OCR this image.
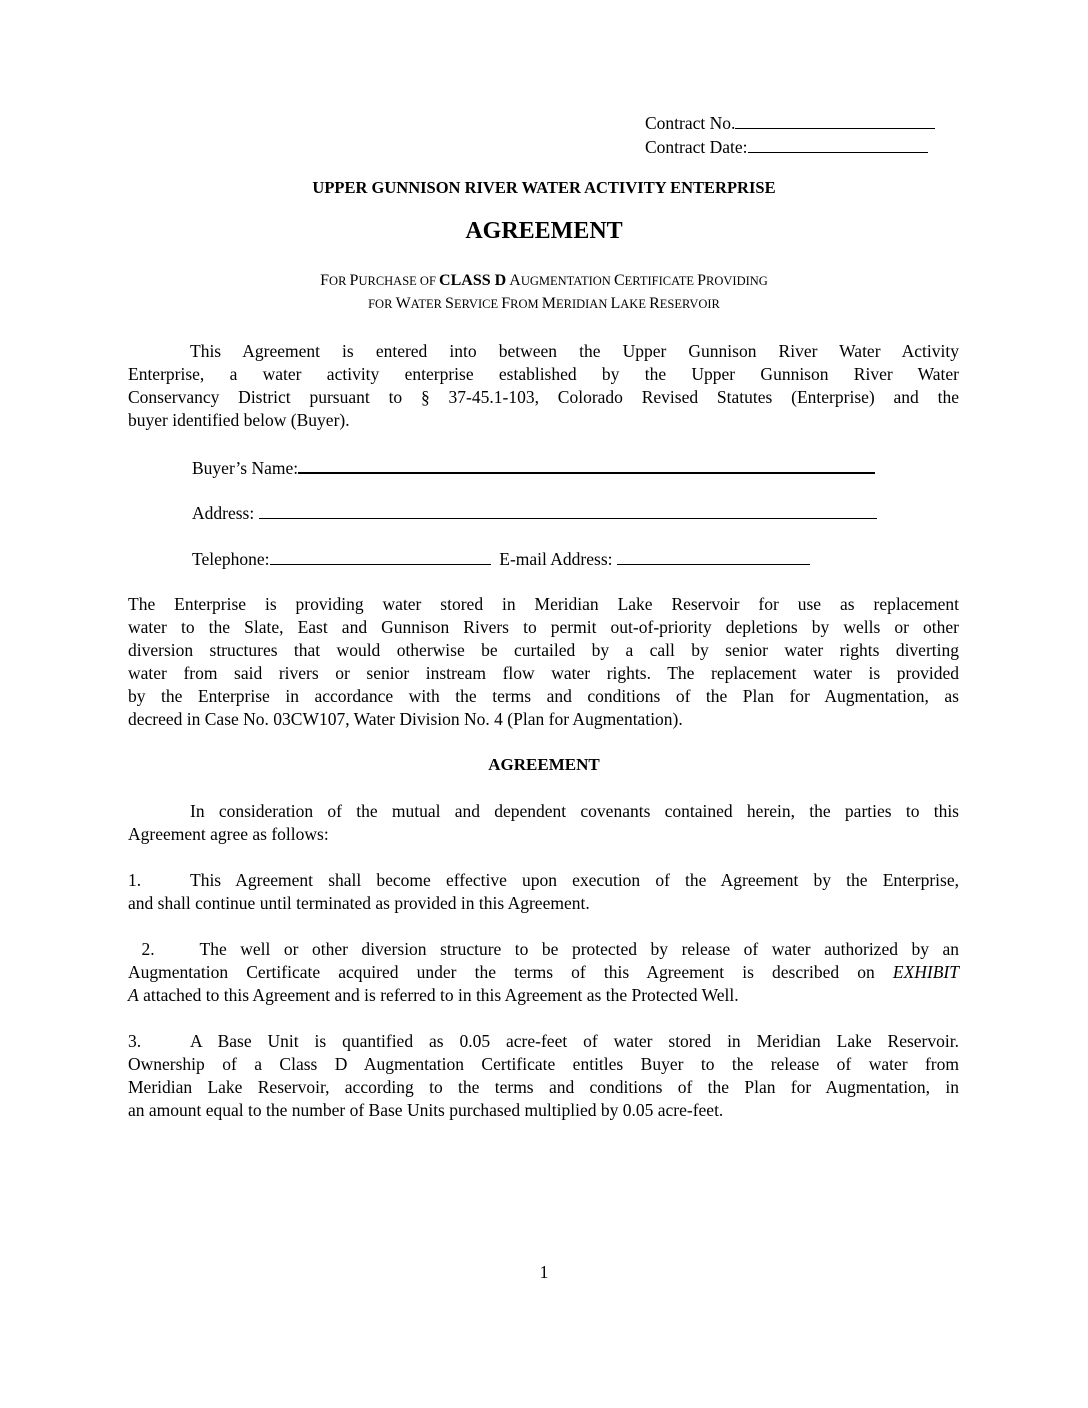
Contract No.
Contract Date:
UPPER GUNNISON RIVER WATER ACTIVITY ENTERPRISE
AGREEMENT
FOR PURCHASE OF CLASS D AUGMENTATION CERTIFICATE PROVIDING
FOR WATER SERVICE FROM MERIDIAN LAKE RESERVOIR
This Agreement is entered into between the Upper Gunnison River Water Activity
Enterprise, a water activity enterprise established by the Upper Gunnison River Water
Conservancy District pursuant to § 37-45.1-103, Colorado Revised Statutes (Enterprise) and the
buyer identified below (Buyer).
Buyer’s Name:
Address:
Telephone:	E-mail Address:
The Enterprise is providing water stored in Meridian Lake Reservoir for use as replacement
water to the Slate, East and Gunnison Rivers to permit out-of-priority depletions by wells or other
diversion structures that would otherwise be curtailed by a call by senior water rights diverting
water from said rivers or senior instream flow water rights. The replacement water is provided
by the Enterprise in accordance with the terms and conditions of the Plan for Augmentation, as
decreed in Case No. 03CW107, Water Division No. 4 (Plan for Augmentation).
AGREEMENT
In consideration of the mutual and dependent covenants contained herein, the parties to this
Agreement agree as follows:
1.	This Agreement shall become effective upon execution of the Agreement by the Enterprise,
and shall continue until terminated as provided in this Agreement.
2.	The well or other diversion structure to be protected by release of water authorized by an
Augmentation Certificate acquired under the terms of this Agreement is described on EXHIBIT
A attached to this Agreement and is referred to in this Agreement as the Protected Well.
3.	A Base Unit is quantified as 0.05 acre-feet of water stored in Meridian Lake Reservoir.
Ownership of a Class D Augmentation Certificate entitles Buyer to the release of water from
Meridian Lake Reservoir, according to the terms and conditions of the Plan for Augmentation, in
an amount equal to the number of Base Units purchased multiplied by 0.05 acre-feet.
1
